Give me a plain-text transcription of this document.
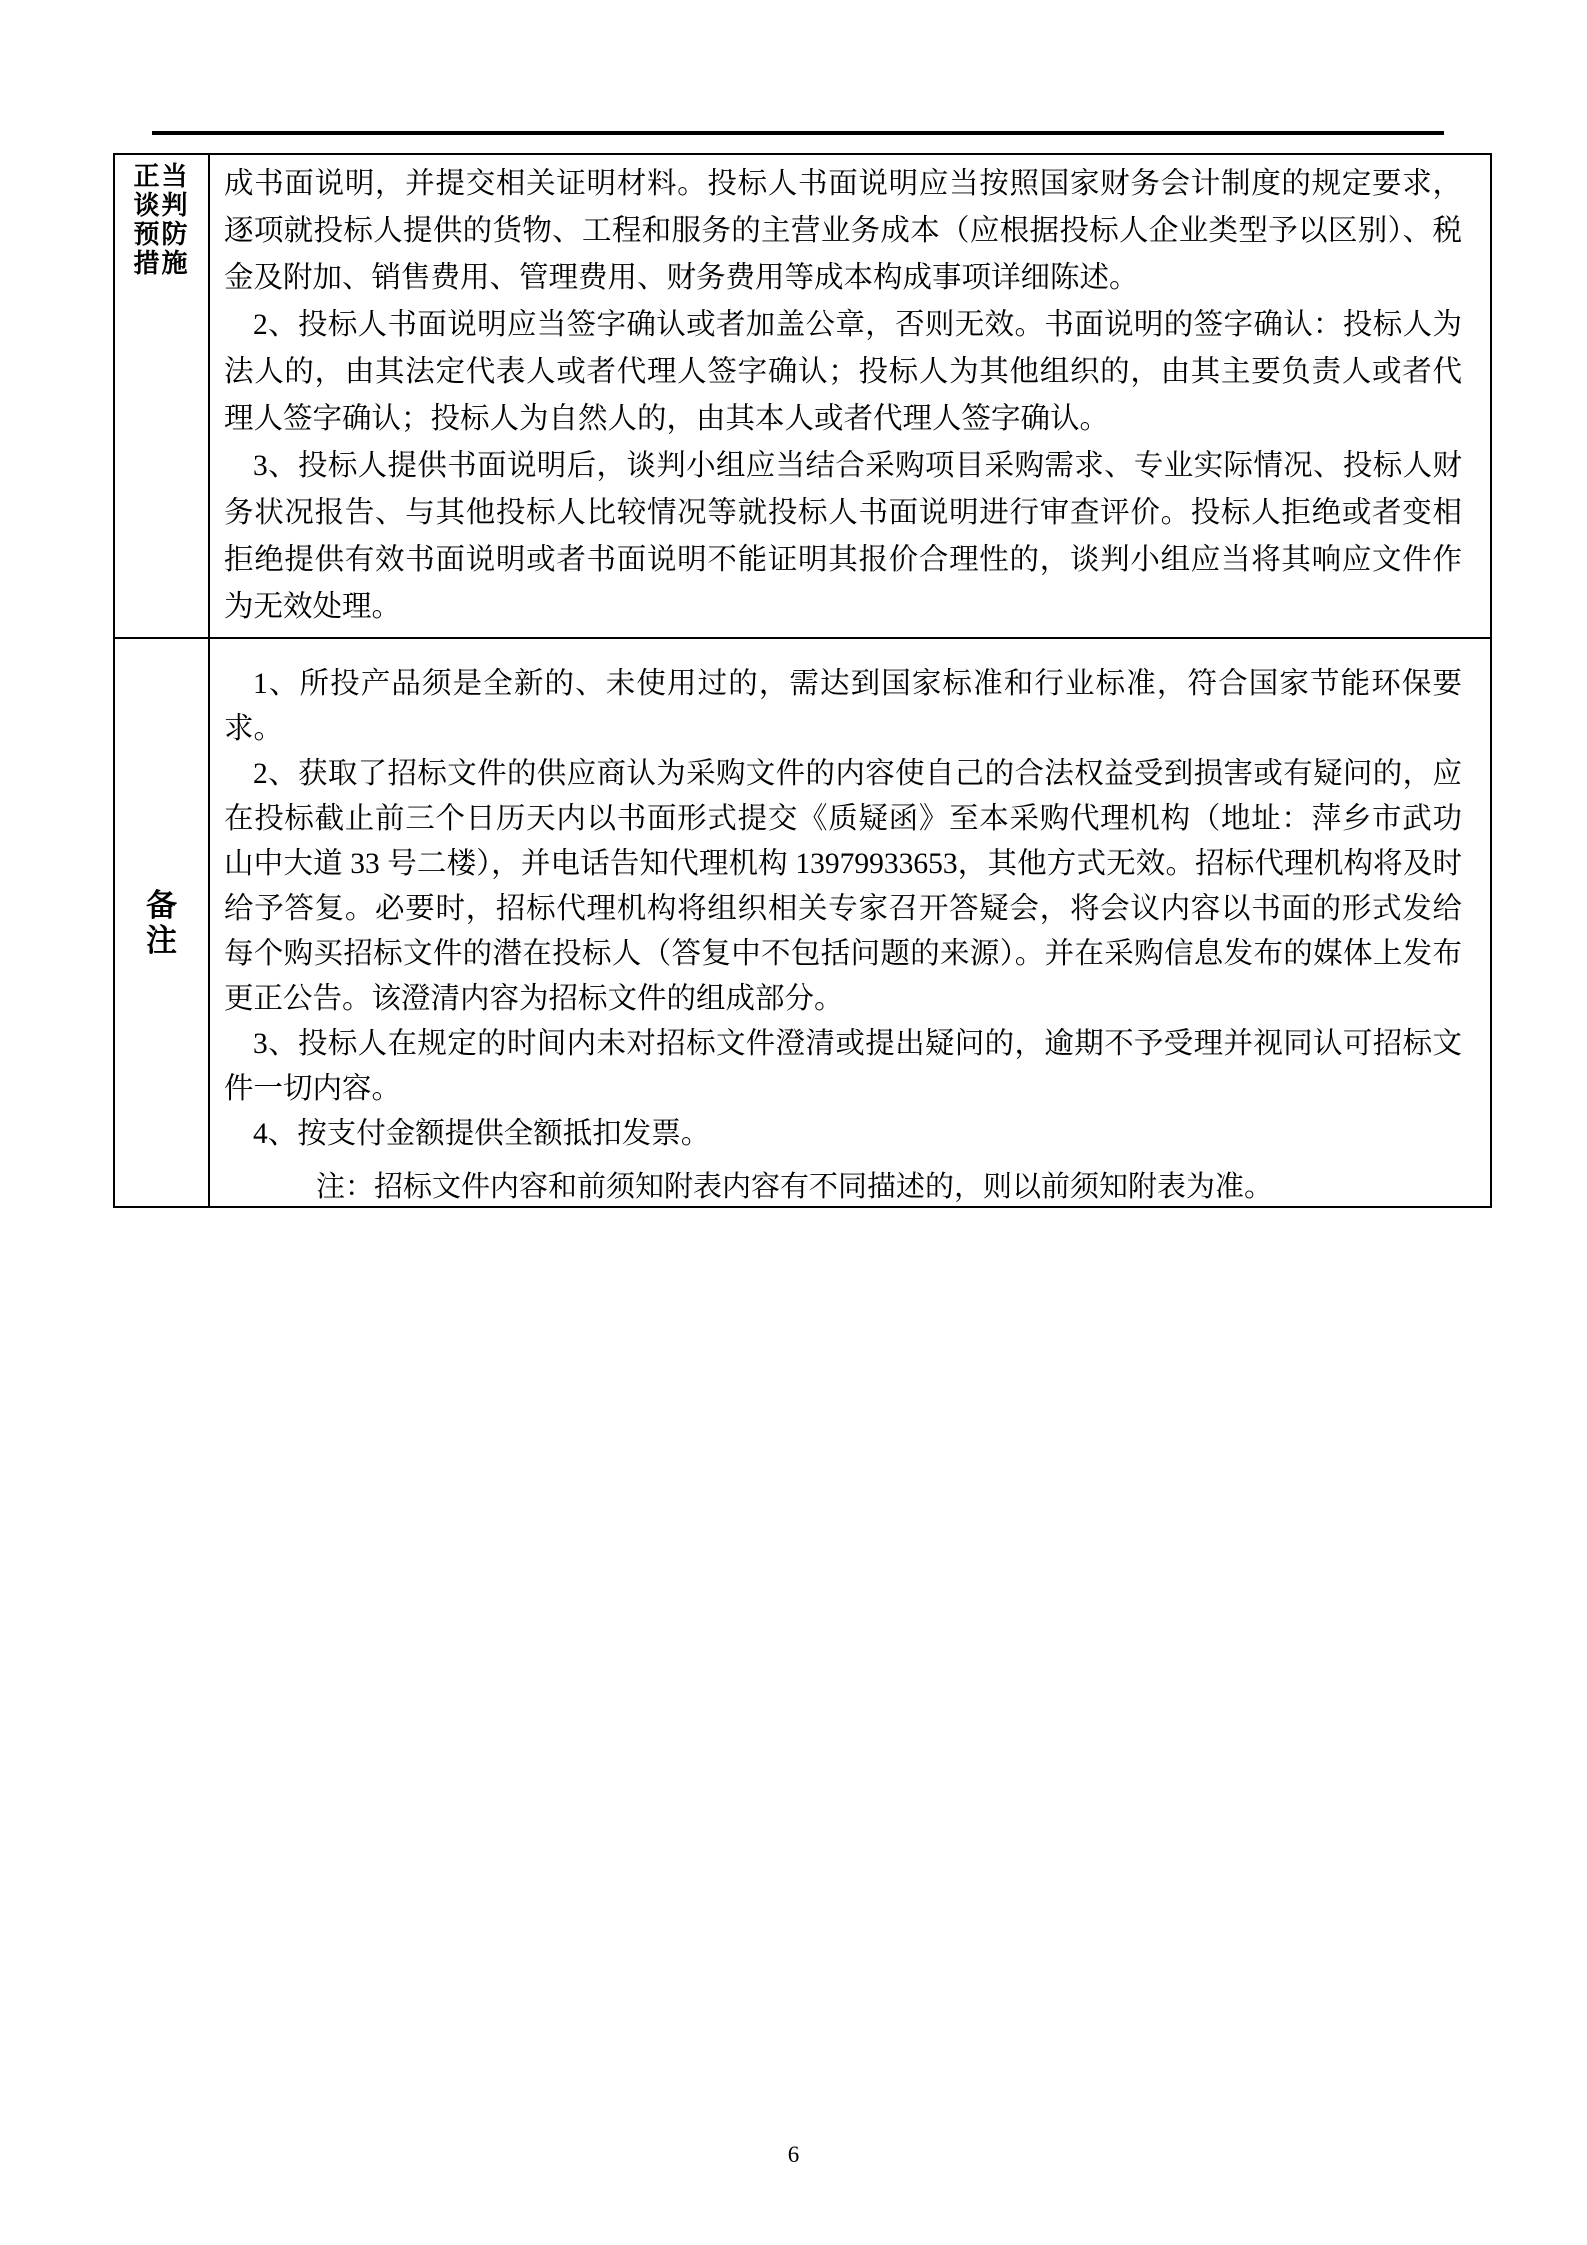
正当谈判预防措施

成书面说明，并提交相关证明材料。投标人书面说明应当按照国家财务会计制度的规定要求，逐项就投标人提供的货物、工程和服务的主营业务成本（应根据投标人企业类型予以区别）、税金及附加、销售费用、管理费用、财务费用等成本构成事项详细陈述。

2、投标人书面说明应当签字确认或者加盖公章，否则无效。书面说明的签字确认：投标人为法人的，由其法定代表人或者代理人签字确认；投标人为其他组织的，由其主要负责人或者代理人签字确认；投标人为自然人的，由其本人或者代理人签字确认。

3、投标人提供书面说明后，谈判小组应当结合采购项目采购需求、专业实际情况、投标人财务状况报告、与其他投标人比较情况等就投标人书面说明进行审查评价。投标人拒绝或者变相拒绝提供有效书面说明或者书面说明不能证明其报价合理性的，谈判小组应当将其响应文件作为无效处理。

备注

1、所投产品须是全新的、未使用过的，需达到国家标准和行业标准，符合国家节能环保要求。

2、获取了招标文件的供应商认为采购文件的内容使自己的合法权益受到损害或有疑问的，应在投标截止前三个日历天内以书面形式提交《质疑函》至本采购代理机构（地址：萍乡市武功山中大道 33 号二楼），并电话告知代理机构 13979933653，其他方式无效。招标代理机构将及时给予答复。必要时，招标代理机构将组织相关专家召开答疑会，将会议内容以书面的形式发给每个购买招标文件的潜在投标人（答复中不包括问题的来源）。并在采购信息发布的媒体上发布更正公告。该澄清内容为招标文件的组成部分。

3、投标人在规定的时间内未对招标文件澄清或提出疑问的，逾期不予受理并视同认可招标文件一切内容。

4、按支付金额提供全额抵扣发票。

注：招标文件内容和前须知附表内容有不同描述的，则以前须知附表为准。
6
